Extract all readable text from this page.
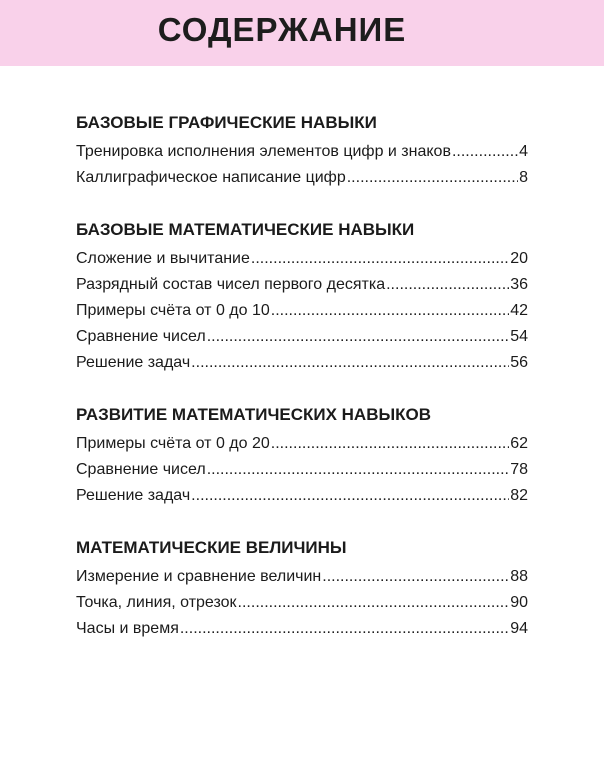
СОДЕРЖАНИЕ
БАЗОВЫЕ ГРАФИЧЕСКИЕ НАВЫКИ
Тренировка исполнения элементов цифр и знаков .....	4
Каллиграфическое написание цифр .....	8
БАЗОВЫЕ МАТЕМАТИЧЕСКИЕ НАВЫКИ
Сложение и вычитание .....	20
Разрядный состав чисел первого десятка .....	36
Примеры счёта от 0 до 10 .....	42
Сравнение чисел .....	54
Решение задач .....	56
РАЗВИТИЕ МАТЕМАТИЧЕСКИХ НАВЫКОВ
Примеры счёта от 0 до 20 .....	62
Сравнение чисел .....	78
Решение задач .....	82
МАТЕМАТИЧЕСКИЕ ВЕЛИЧИНЫ
Измерение и сравнение величин .....	88
Точка, линия, отрезок .....	90
Часы и время .....	94
